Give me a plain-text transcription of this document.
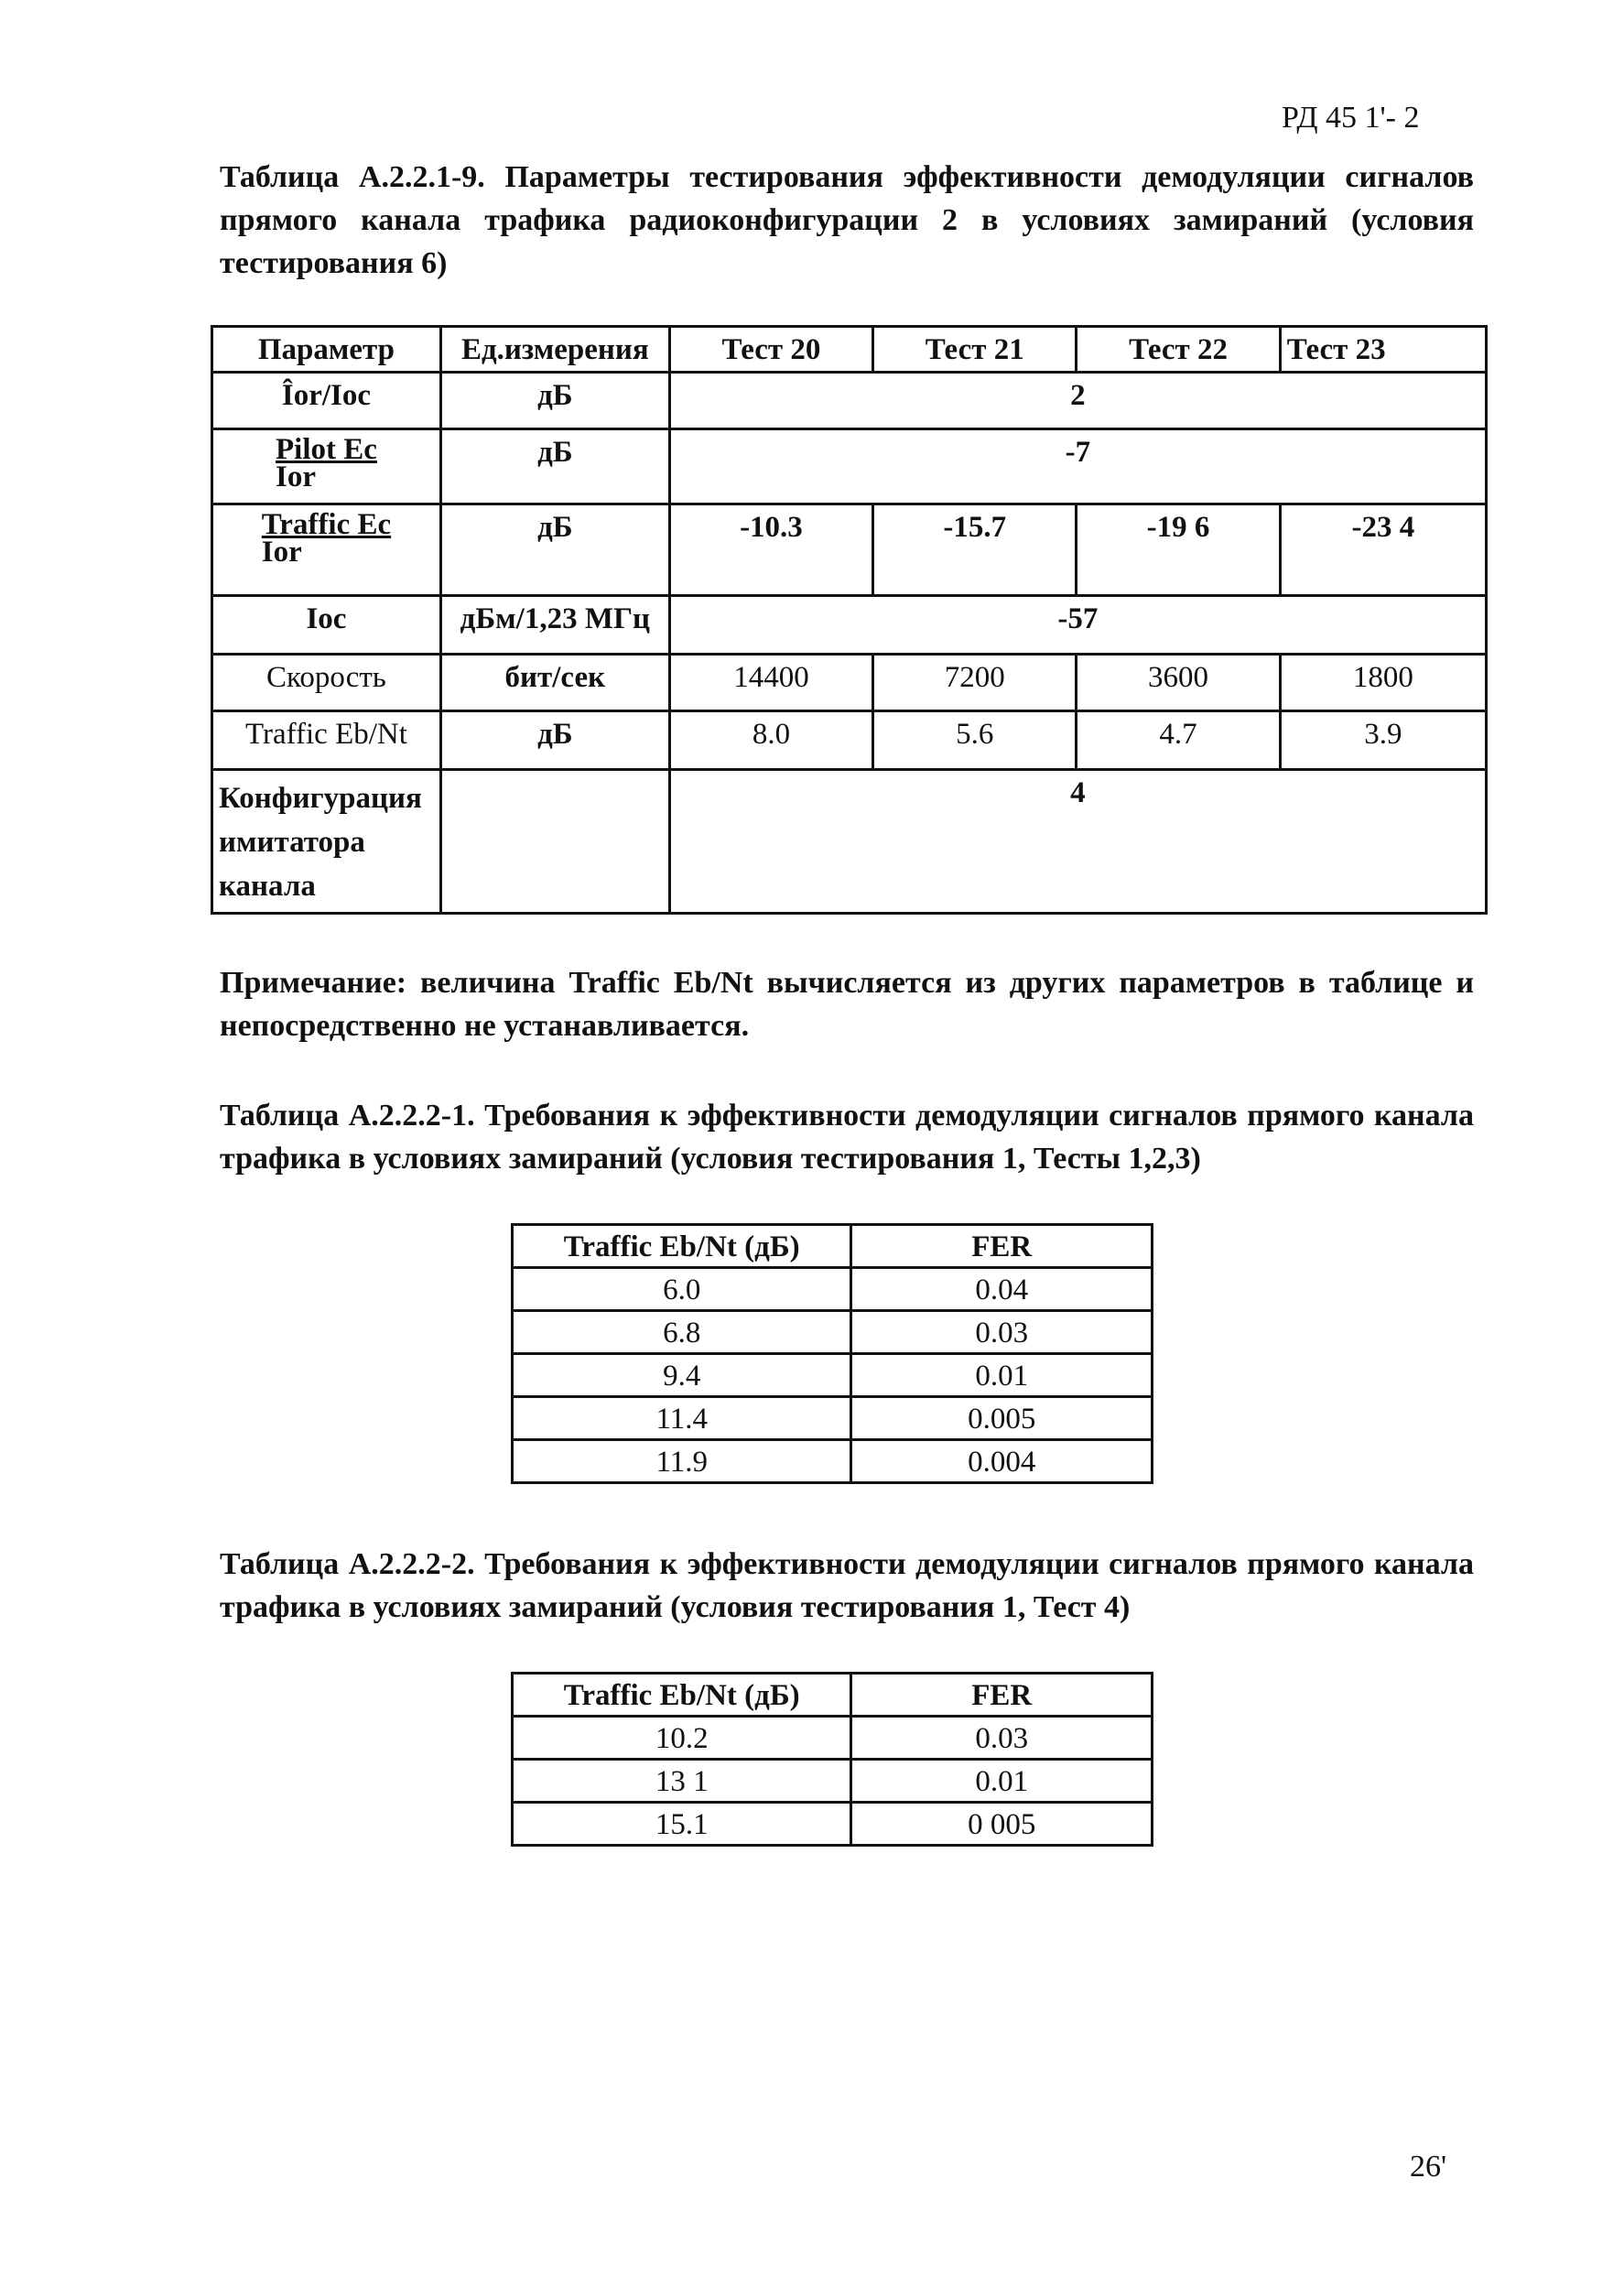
РД 45 1'- 2
Таблица А.2.2.1-9. Параметры тестирования эффективности демодуляции сигналов прямого канала трафика радиоконфигурации 2 в условиях замираний (условия тестирования 6)
Параметр	Ед.измерения	Тест 20	Тест 21	Тест 22	Тест 23
Îor/Ioc	дБ	2			

$\frac{\text{Pilot Ec}}{\text{Ior}}$	дБ	-7			

$\frac{\text{Traffic Ec}}{\text{Ior}}$	дБ	-10.3	-15.7	-19 6	-23 4
Ioc	дБм/1,23 МГц	-57			
Скорость	бит/сек	14400	7200	3600	1800
Traffic Eb/Nt	дБ	8.0	5.6	4.7	3.9
Конфигурация имитатора канала		4			
Примечание: величина Traffic Eb/Nt вычисляется из других параметров в таблице и непосредственно не устанавливается.
Таблица А.2.2.2-1. Требования к эффективности демодуляции сигналов прямого канала трафика в условиях замираний (условия тестирования 1, Тесты 1,2,3)
Traffic Eb/Nt (дБ)	FER
6.0	0.04
6.8	0.03
9.4	0.01
11.4	0.005
11.9	0.004
Таблица А.2.2.2-2. Требования к эффективности демодуляции сигналов прямого канала трафика в условиях замираний (условия тестирования 1, Тест 4)
Traffic Eb/Nt (дБ)	FER
10.2	0.03
13 1	0.01
15.1	0 005
26'
